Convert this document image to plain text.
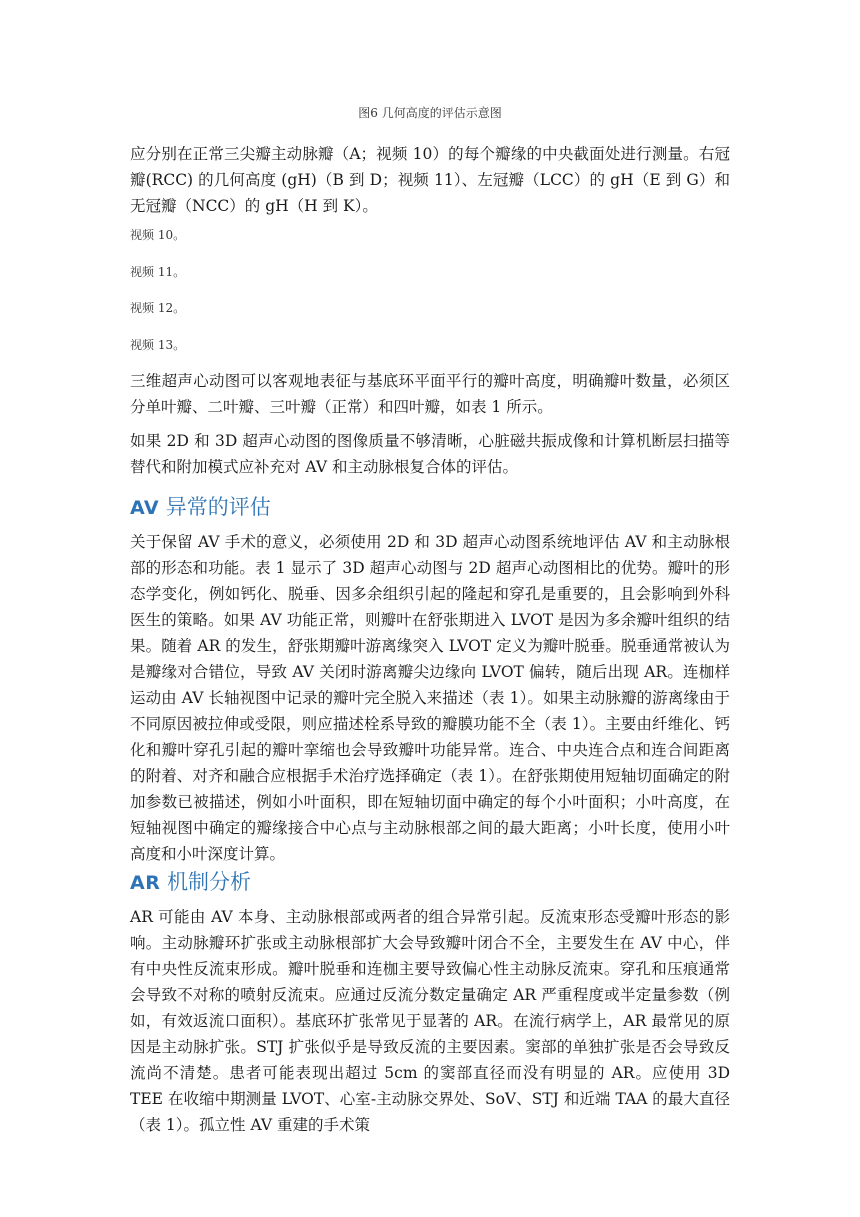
图6 几何高度的评估示意图

应分别在正常三尖瓣主动脉瓣（A；视频 10）的每个瓣缘的中央截面处进行测量。右冠瓣(RCC) 的几何高度 (gH)（B 到 D；视频 11）、左冠瓣（LCC）的 gH（E 到 G）和无冠瓣（NCC）的 gH（H 到 K）。

视频 10。

视频 11。

视频 12。

视频 13。

三维超声心动图可以客观地表征与基底环平面平行的瓣叶高度，明确瓣叶数量，必须区分单叶瓣、二叶瓣、三叶瓣（正常）和四叶瓣，如表 1 所示。

如果 2D 和 3D 超声心动图的图像质量不够清晰，心脏磁共振成像和计算机断层扫描等替代和附加模式应补充对 AV 和主动脉根复合体的评估。

AV 异常的评估

关于保留 AV 手术的意义，必须使用 2D 和 3D 超声心动图系统地评估 AV 和主动脉根部的形态和功能。表 1 显示了 3D 超声心动图与 2D 超声心动图相比的优势。瓣叶的形态学变化，例如钙化、脱垂、因多余组织引起的隆起和穿孔是重要的，且会影响到外科医生的策略。如果 AV 功能正常，则瓣叶在舒张期进入 LVOT 是因为多余瓣叶组织的结果。随着 AR 的发生，舒张期瓣叶游离缘突入 LVOT 定义为瓣叶脱垂。脱垂通常被认为是瓣缘对合错位，导致 AV 关闭时游离瓣尖边缘向 LVOT 偏转，随后出现 AR。连枷样运动由 AV 长轴视图中记录的瓣叶完全脱入来描述（表 1）。如果主动脉瓣的游离缘由于不同原因被拉伸或受限，则应描述栓系导致的瓣膜功能不全（表 1）。主要由纤维化、钙化和瓣叶穿孔引起的瓣叶挛缩也会导致瓣叶功能异常。连合、中央连合点和连合间距离的附着、对齐和融合应根据手术治疗选择确定（表 1）。在舒张期使用短轴切面确定的附加参数已被描述，例如小叶面积，即在短轴切面中确定的每个小叶面积；小叶高度，在短轴视图中确定的瓣缘接合中心点与主动脉根部之间的最大距离；小叶长度，使用小叶高度和小叶深度计算。

AR 机制分析

AR 可能由 AV 本身、主动脉根部或两者的组合异常引起。反流束形态受瓣叶形态的影响。主动脉瓣环扩张或主动脉根部扩大会导致瓣叶闭合不全，主要发生在 AV 中心，伴有中央性反流束形成。瓣叶脱垂和连枷主要导致偏心性主动脉反流束。穿孔和压痕通常会导致不对称的喷射反流束。应通过反流分数定量确定 AR 严重程度或半定量参数（例如，有效返流口面积）。基底环扩张常见于显著的 AR。在流行病学上，AR 最常见的原因是主动脉扩张。STJ 扩张似乎是导致反流的主要因素。窦部的单独扩张是否会导致反流尚不清楚。患者可能表现出超过 5cm 的窦部直径而没有明显的 AR。应使用 3D TEE 在收缩中期测量 LVOT、心室-主动脉交界处、SoV、STJ 和近端 TAA 的最大直径（表 1）。孤立性 AV 重建的手术策
